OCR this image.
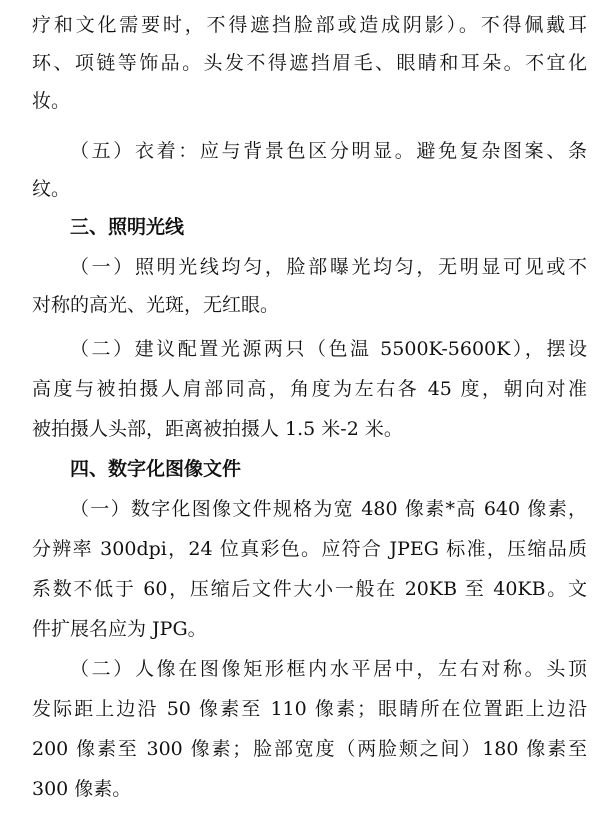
疗和文化需要时，不得遮挡脸部或造成阴影）。不得佩戴耳
环、项链等饰品。头发不得遮挡眉毛、眼睛和耳朵。不宜化
妆。
（五）衣着：应与背景色区分明显。避免复杂图案、条
纹。
三、照明光线
（一）照明光线均匀，脸部曝光均匀，无明显可见或不
对称的高光、光斑，无红眼。
（二）建议配置光源两只（色温 5500K-5600K），摆设
高度与被拍摄人肩部同高，角度为左右各 45 度，朝向对准
被拍摄人头部，距离被拍摄人 1.5 米-2 米。
四、数字化图像文件
（一）数字化图像文件规格为宽 480 像素*高 640 像素，
分辨率 300dpi，24 位真彩色。应符合 JPEG 标准，压缩品质
系数不低于 60，压缩后文件大小一般在 20KB 至 40KB。文
件扩展名应为 JPG。
（二）人像在图像矩形框内水平居中，左右对称。头顶
发际距上边沿 50 像素至 110 像素；眼睛所在位置距上边沿
200 像素至 300 像素；脸部宽度（两脸颊之间）180 像素至
300 像素。
